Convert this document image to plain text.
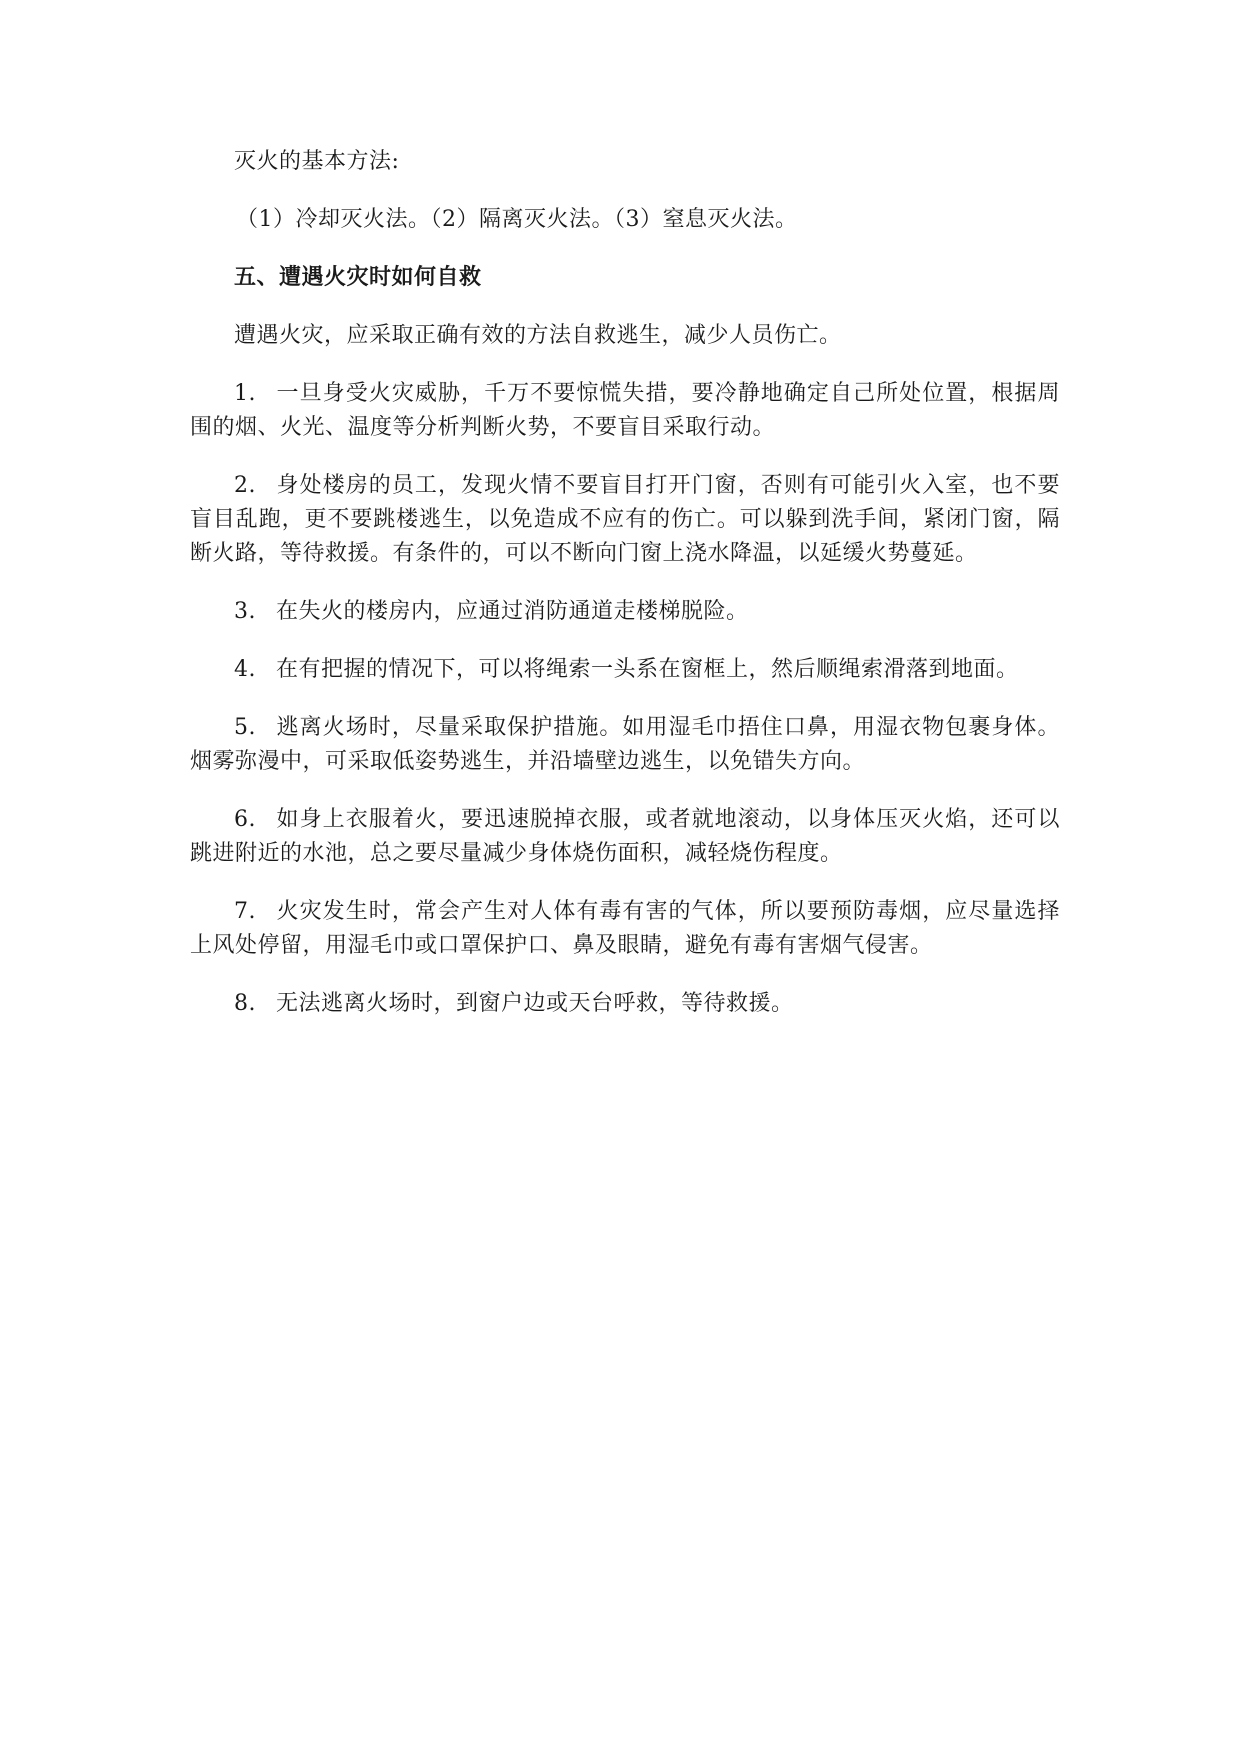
灭火的基本方法:

（1）冷却灭火法。（2）隔离灭火法。（3）窒息灭火法。

五、遭遇火灾时如何自救

遭遇火灾，应采取正确有效的方法自救逃生，减少人员伤亡。

1. 一旦身受火灾威胁，千万不要惊慌失措，要冷静地确定自己所处位置，根据周围的烟、火光、温度等分析判断火势，不要盲目采取行动。

2. 身处楼房的员工，发现火情不要盲目打开门窗，否则有可能引火入室，也不要盲目乱跑，更不要跳楼逃生，以免造成不应有的伤亡。可以躲到洗手间，紧闭门窗，隔断火路，等待救援。有条件的，可以不断向门窗上浇水降温，以延缓火势蔓延。

3. 在失火的楼房内，应通过消防通道走楼梯脱险。

4. 在有把握的情况下，可以将绳索一头系在窗框上，然后顺绳索滑落到地面。

5. 逃离火场时，尽量采取保护措施。如用湿毛巾捂住口鼻，用湿衣物包裹身体。烟雾弥漫中，可采取低姿势逃生，并沿墙壁边逃生，以免错失方向。

6. 如身上衣服着火，要迅速脱掉衣服，或者就地滚动，以身体压灭火焰，还可以跳进附近的水池，总之要尽量减少身体烧伤面积，减轻烧伤程度。

7. 火灾发生时，常会产生对人体有毒有害的气体，所以要预防毒烟，应尽量选择上风处停留，用湿毛巾或口罩保护口、鼻及眼睛，避免有毒有害烟气侵害。

8. 无法逃离火场时，到窗户边或天台呼救，等待救援。
